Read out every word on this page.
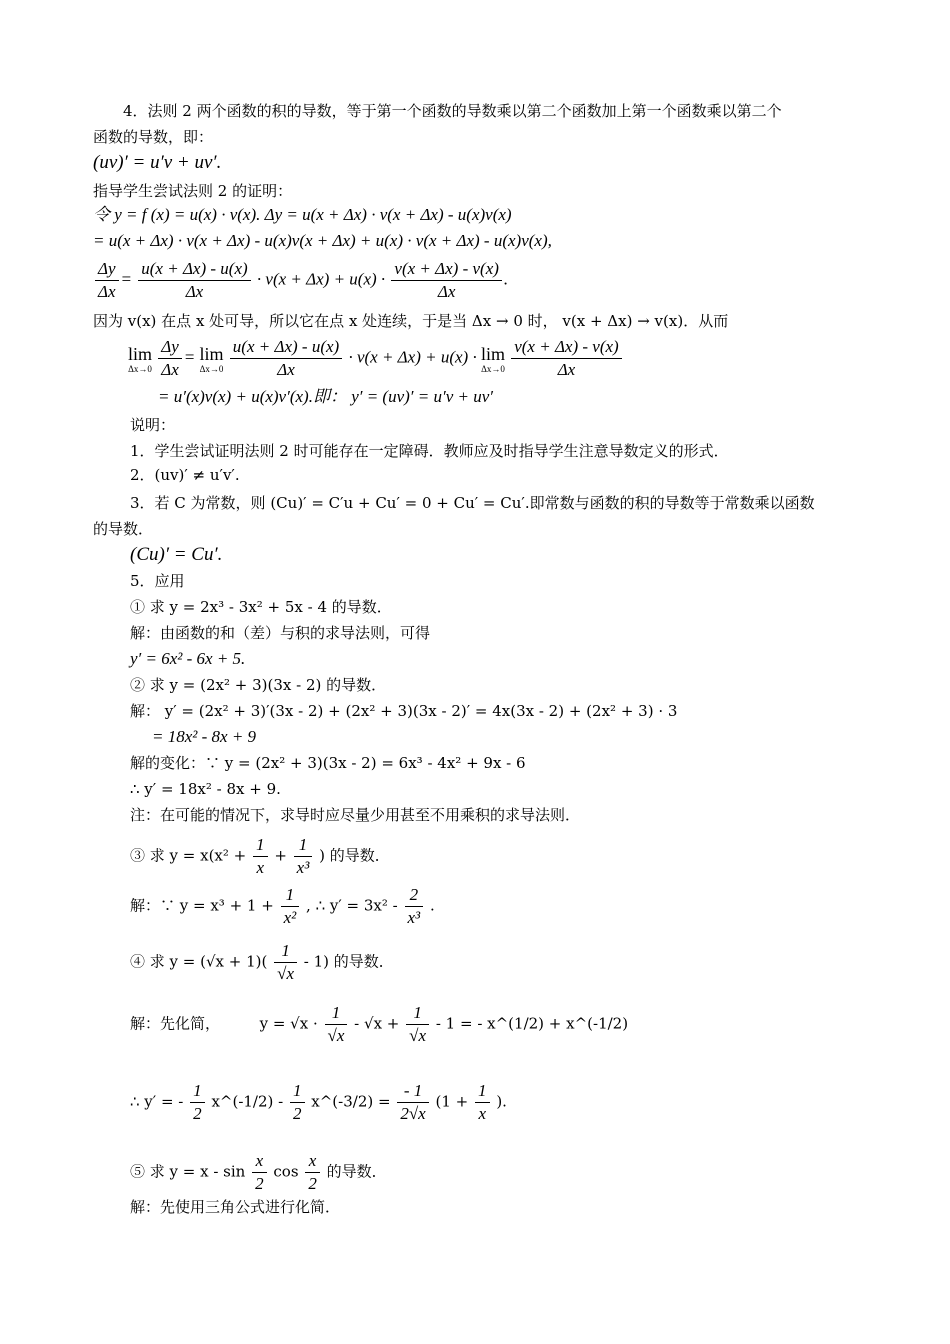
4．法则 2 两个函数的积的导数，等于第一个函数的导数乘以第二个函数加上第一个函数乘以第二个
函数的导数，即：
(uv)′ = u′v + uv′.
指导学生尝试法则 2 的证明：
令 y = f (x) = u(x) · v(x). Δy = u(x + Δx) · v(x + Δx) - u(x)v(x)
= u(x + Δx) · v(x + Δx) - u(x)v(x + Δx) + u(x) · v(x + Δx) - u(x)v(x),
$\frac{\Delta y}{\Delta x} = \frac{u(x + \Delta x) - u(x)}{\Delta x} \cdot v(x + \Delta x) + u(x) \cdot \frac{v(x + \Delta x) - v(x)}{\Delta x}$ .
因为 v(x) 在点 x 处可导，所以它在点 x 处连续，于是当 Δx → 0 时， v(x + Δx) → v(x)．从而
lim
Δx→0
$\frac{\Delta y}{\Delta x} = \lim$
Δx→0
$\frac{u(x + \Delta x) - u(x)}{\Delta x} \cdot v(x + \Delta x) + u(x) \cdot \lim$
Δx→0
$\frac{v(x + \Delta x) - v(x)}{\Delta x}$
= u′(x)v(x) + u(x)v′(x).即： y′ = (uv)′ = u′v + uv′
说明：
1．学生尝试证明法则 2 时可能存在一定障碍．教师应及时指导学生注意导数定义的形式．
2．(uv)′ ≠ u′v′.
3．若 C 为常数，则 (Cu)′ = C′u + Cu′ = 0 + Cu′ = Cu′.即常数与函数的积的导数等于常数乘以函数
的导数．
(Cu)′ = Cu′.
5．应用
① 求 y = 2x³ - 3x² + 5x - 4 的导数．
解：由函数的和（差）与积的求导法则，可得
y′ = 6x² - 6x + 5.
② 求 y = (2x² + 3)(3x - 2) 的导数．
解： y′ = (2x² + 3)′(3x - 2) + (2x² + 3)(3x - 2)′ = 4x(3x - 2) + (2x² + 3) · 3
= 18x² - 8x + 9
解的变化：∵ y = (2x² + 3)(3x - 2) = 6x³ - 4x² + 9x - 6
∴ y′ = 18x² - 8x + 9.
注：在可能的情况下，求导时应尽量少用甚至不用乘积的求导法则．
③ 求 $y = x(x^2 + \frac{1}{x} + \frac{1}{\text{x³}}$ ) 的导数．
解：∵ $y = x^3 + 1 + \frac{1}{\text{x²}}$ , ∴ $y' = 3x^2 - \frac{2}{\text{x³}}$ .
④ 求 $y = (√x + 1)( \frac{1}{√x} - 1)$ 的导数．
解：先化简，	$y = √x \cdot \frac{1}{√x} - √x + \frac{1}{√x} - 1$ = - x^(1/2) + x^(-1/2)
∴ y′ = - $\frac{1}{2}$ x^(-1/2) - $\frac{1}{2}$ x^(-3/2) = $\frac{- 1}{2√x} (1 + \frac{1}{x}$ ).
⑤ 求 $y = x - \sin \frac{x}{2}$ $\cos \frac{x}{2}$ 的导数．
解：先使用三角公式进行化简．
